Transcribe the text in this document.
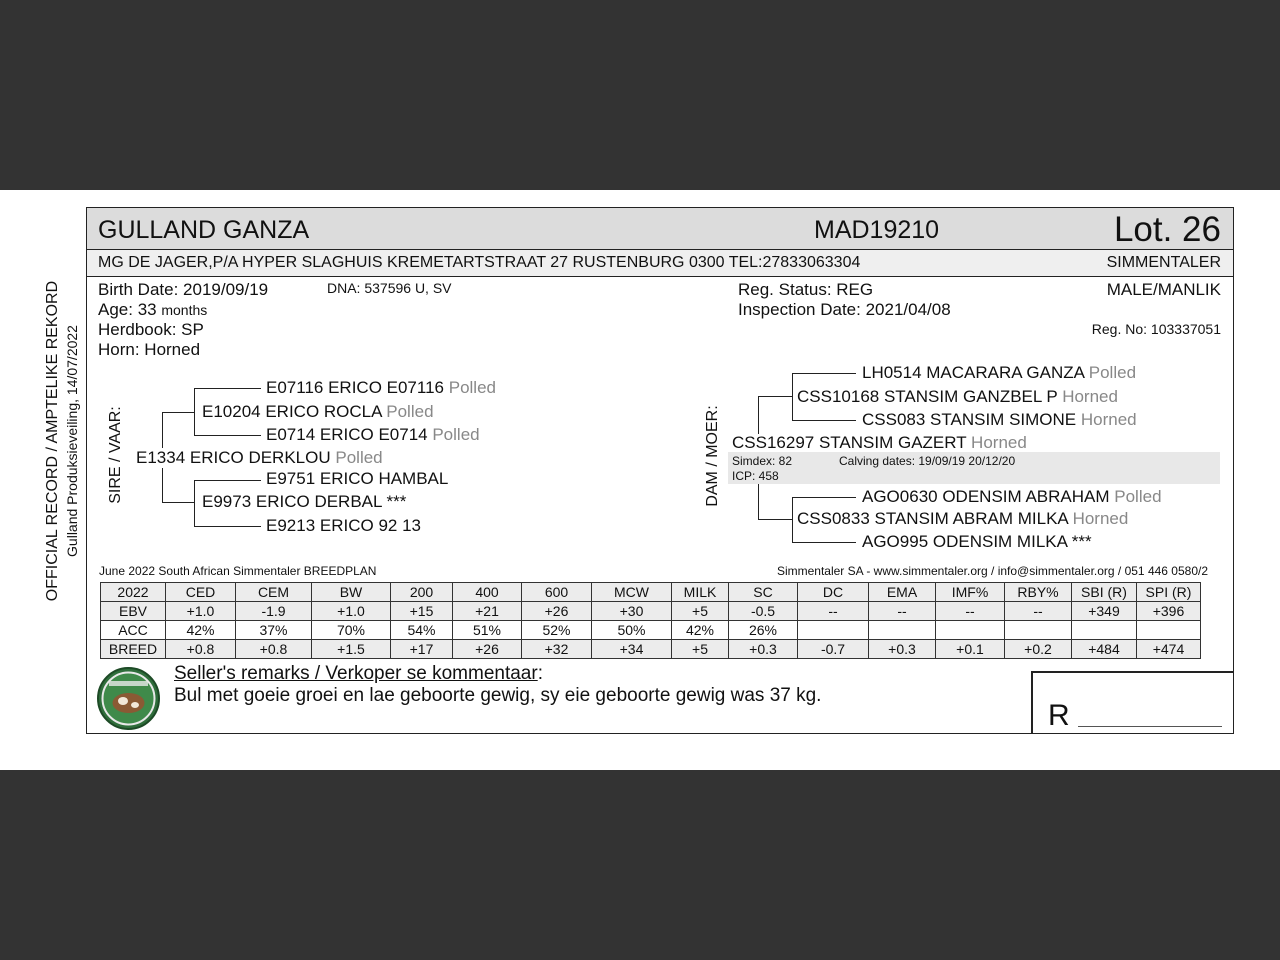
OFFICIAL RECORD / AMPTELIKE REKORD Gulland Produksieveiling, 14/07/2022
GULLAND GANZA	MAD19210	Lot. 26
MG DE JAGER,P/A HYPER SLAGHUIS KREMETARTSTRAAT 27 RUSTENBURG 0300 TEL:27833063304	SIMMENTALER
Birth Date: 2019/09/19	DNA: 537596 U, SV
Age: 33 months
Herdbook: SP
Horn: Horned
Reg. Status: REG
Inspection Date: 2021/04/08
MALE/MANLIK
Reg. No: 103337051
SIRE / VAAR:
E07116 ERICO E07116 Polled
E10204 ERICO ROCLA Polled
E0714 ERICO E0714 Polled
E1334 ERICO DERKLOU Polled
E9751 ERICO HAMBAL
E9973 ERICO DERBAL ***
E9213 ERICO 92 13
DAM / MOER: Simdex: 82	Calving dates: 19/09/19 20/12/20
ICP: 458
LH0514 MACARARA GANZA Polled
CSS10168 STANSIM GANZBEL P Horned
CSS083 STANSIM SIMONE Horned
CSS16297 STANSIM GAZERT Horned
AGO0630 ODENSIM ABRAHAM Polled
CSS0833 STANSIM ABRAM MILKA Horned
AGO995 ODENSIM MILKA ***
June 2022 South African Simmentaler BREEDPLAN	Simmentaler SA - www.simmentaler.org / info@simmentaler.org / 051 446 0580/2
2022	CED	CEM	BW	200	400	600	MCW	MILK	SC	DC	EMA	IMF%	RBY%	SBI (R)	SPI (R)
EBV	+1.0	-1.9	+1.0	+15	+21	+26	+30	+5	-0.5	--	--	--	--	+349	+396
ACC	42%	37%	70%	54%	51%	52%	50%	42%	26%						
BREED	+0.8	+0.8	+1.5	+17	+26	+32	+34	+5	+0.3	-0.7	+0.3	+0.1	+0.2	+484	+474
Seller's remarks / Verkoper se kommentaar:
Bul met goeie groei en lae geboorte gewig, sy eie geboorte gewig was 37 kg.
R
